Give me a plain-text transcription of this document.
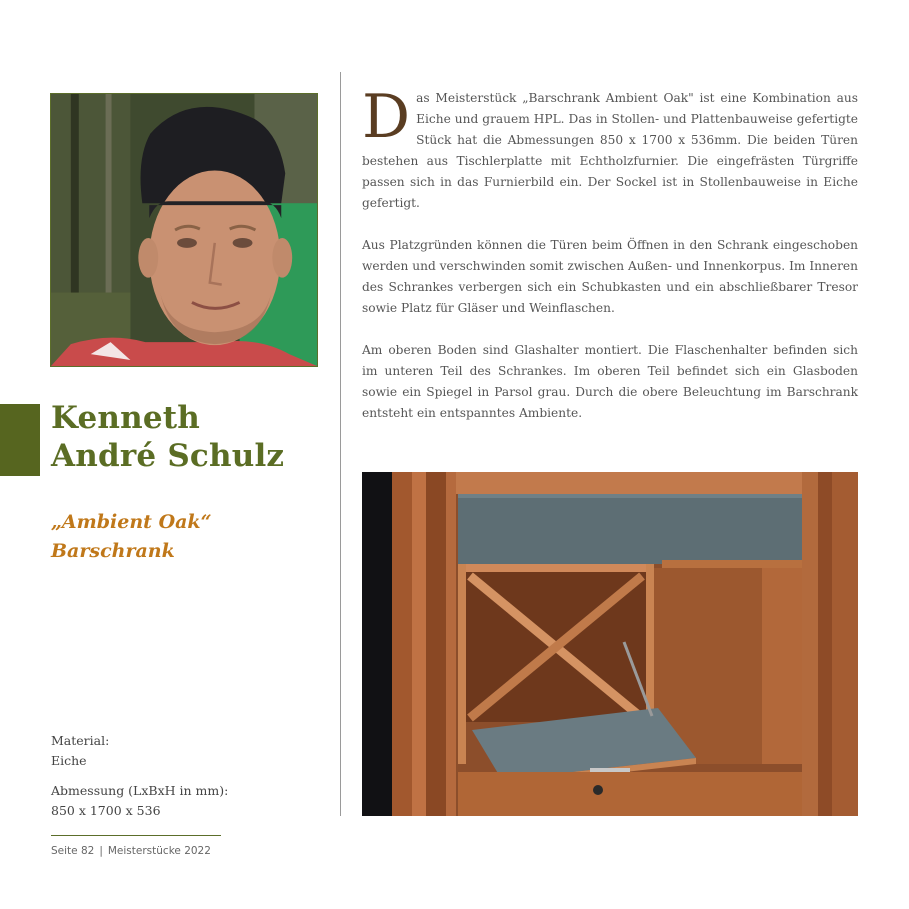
Kenneth
André Schulz
„Ambient Oak“
Barschrank
Material:
Eiche
Abmessung (LxBxH in mm):
850 x 1700 x 536
Seite 82 | Meisterstücke 2022

Das Meisterstück „Barschrank Ambient Oak" ist eine Kombination aus Eiche und grauem HPL. Das in Stollen- und Plattenbauweise gefertigte Stück hat die Abmessungen 850 x 1700 x 536mm. Die beiden Türen bestehen aus Tischlerplatte mit Echtholzfurnier. Die eingefrästen Türgriffe passen sich in das Furnierbild ein. Der Sockel ist in Stollenbauweise in Eiche gefertigt.

Aus Platzgründen können die Türen beim Öffnen in den Schrank eingeschoben werden und verschwinden somit zwischen Außen- und Innenkorpus. Im Inneren des Schrankes verbergen sich ein Schubkasten und ein abschließbarer Tresor sowie Platz für Gläser und Weinflaschen.

Am oberen Boden sind Glashalter montiert. Die Flaschenhalter befinden sich im unteren Teil des Schrankes. Im oberen Teil befindet sich ein Glasboden sowie ein Spiegel in Parsol grau. Durch die obere Beleuchtung im Barschrank entsteht ein entspanntes Ambiente.
